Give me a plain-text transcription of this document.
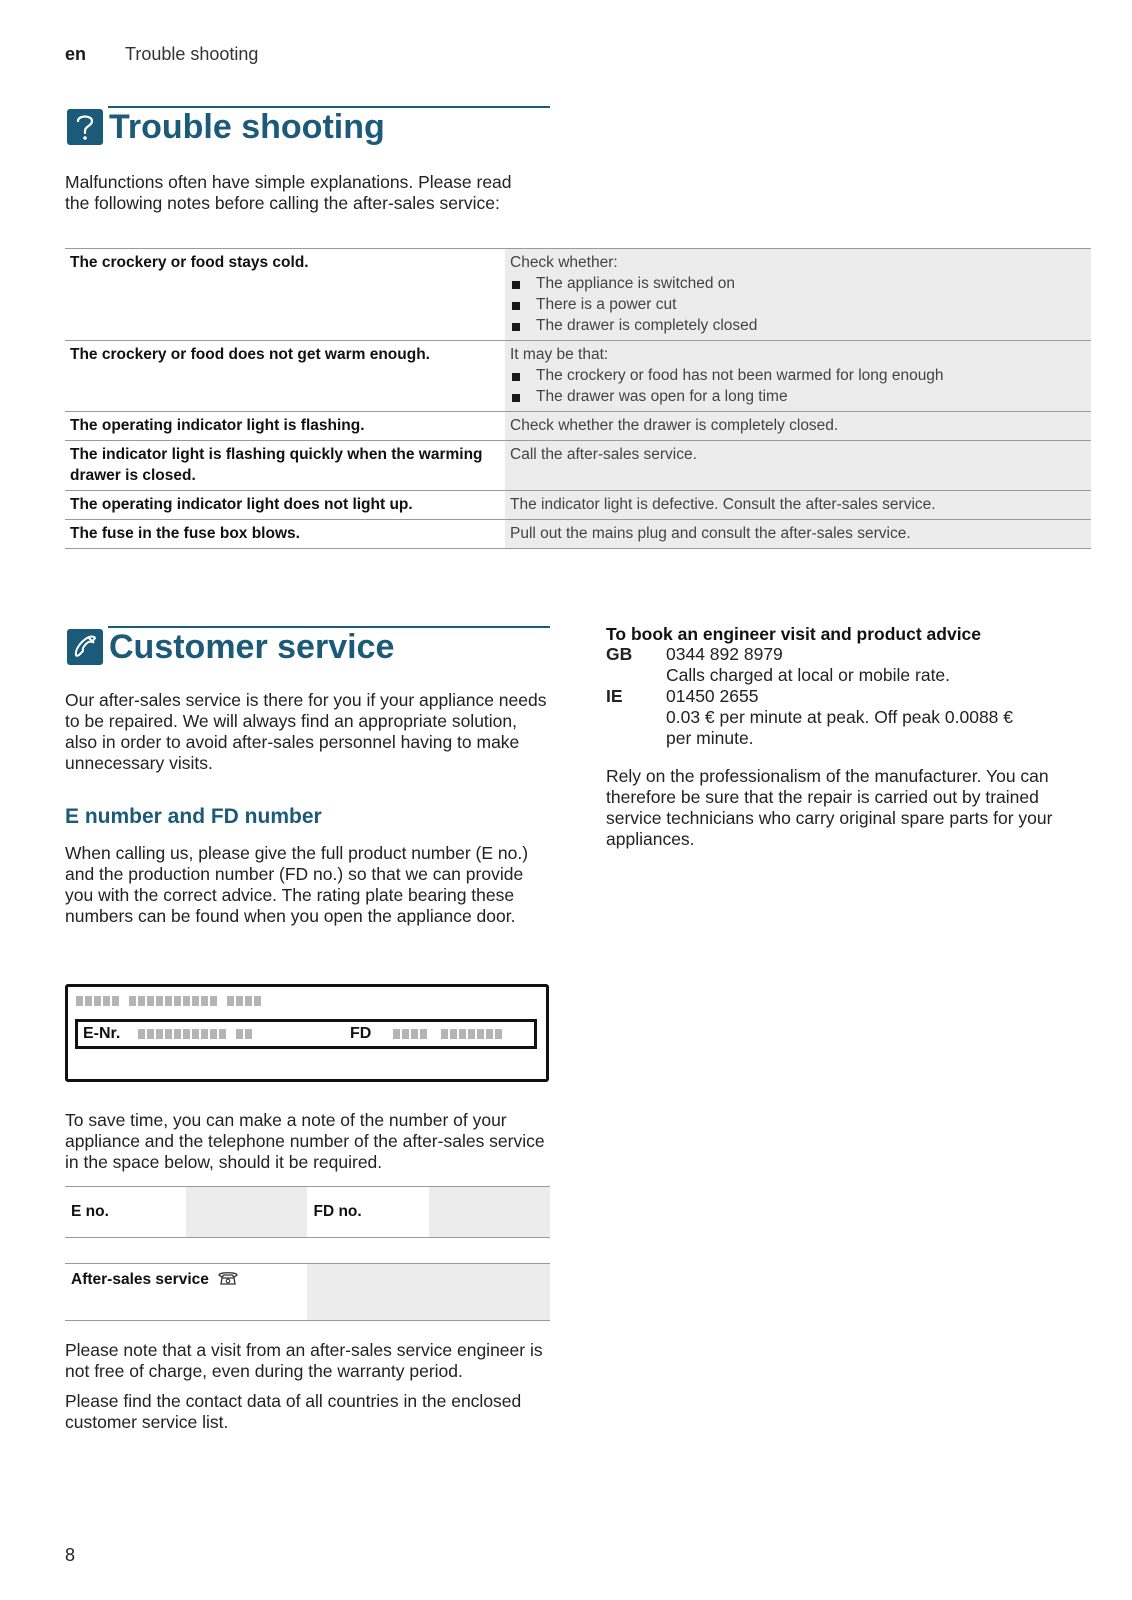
en Trouble shooting
Trouble shooting
Malfunctions often have simple explanations. Please read the following notes before calling the after-sales service:
The crockery or food stays cold.	Check whether:
The appliance is switched on
There is a power cut
The drawer is completely closed

The crockery or food does not get warm enough.	It may be that:
The crockery or food has not been warmed for long enough
The drawer was open for a long time

The operating indicator light is flashing.	Check whether the drawer is completely closed.
The indicator light is flashing quickly when the warming drawer is closed.	Call the after-sales service.
The operating indicator light does not light up.	The indicator light is defective. Consult the after-sales service.
The fuse in the fuse box blows.	Pull out the mains plug and consult the after-sales service.
Customer service
Our after-sales service is there for you if your appliance needs to be repaired. We will always find an appropriate solution, also in order to avoid after-sales personnel having to make unnecessary visits.
E number and FD number
When calling us, please give the full product number (E no.) and the production number (FD no.) so that we can provide you with the correct advice. The rating plate bearing these numbers can be found when you open the appliance door.
E-Nr.	FD
To save time, you can make a note of the number of your appliance and the telephone number of the after-sales service in the space below, should it be required.
E no.		FD no.	
After-sales service	

Please note that a visit from an after-sales service engineer is not free of charge, even during the warranty period.

Please find the contact data of all countries in the enclosed customer service list.

To book an engineer visit and product advice
GB 0344 892 8979
Calls charged at local or mobile rate.
IE 01450 2655
0.03 € per minute at peak. Off peak 0.0088 €
per minute.
Rely on the professionalism of the manufacturer. You can therefore be sure that the repair is carried out by trained service technicians who carry original spare parts for your appliances.
8
